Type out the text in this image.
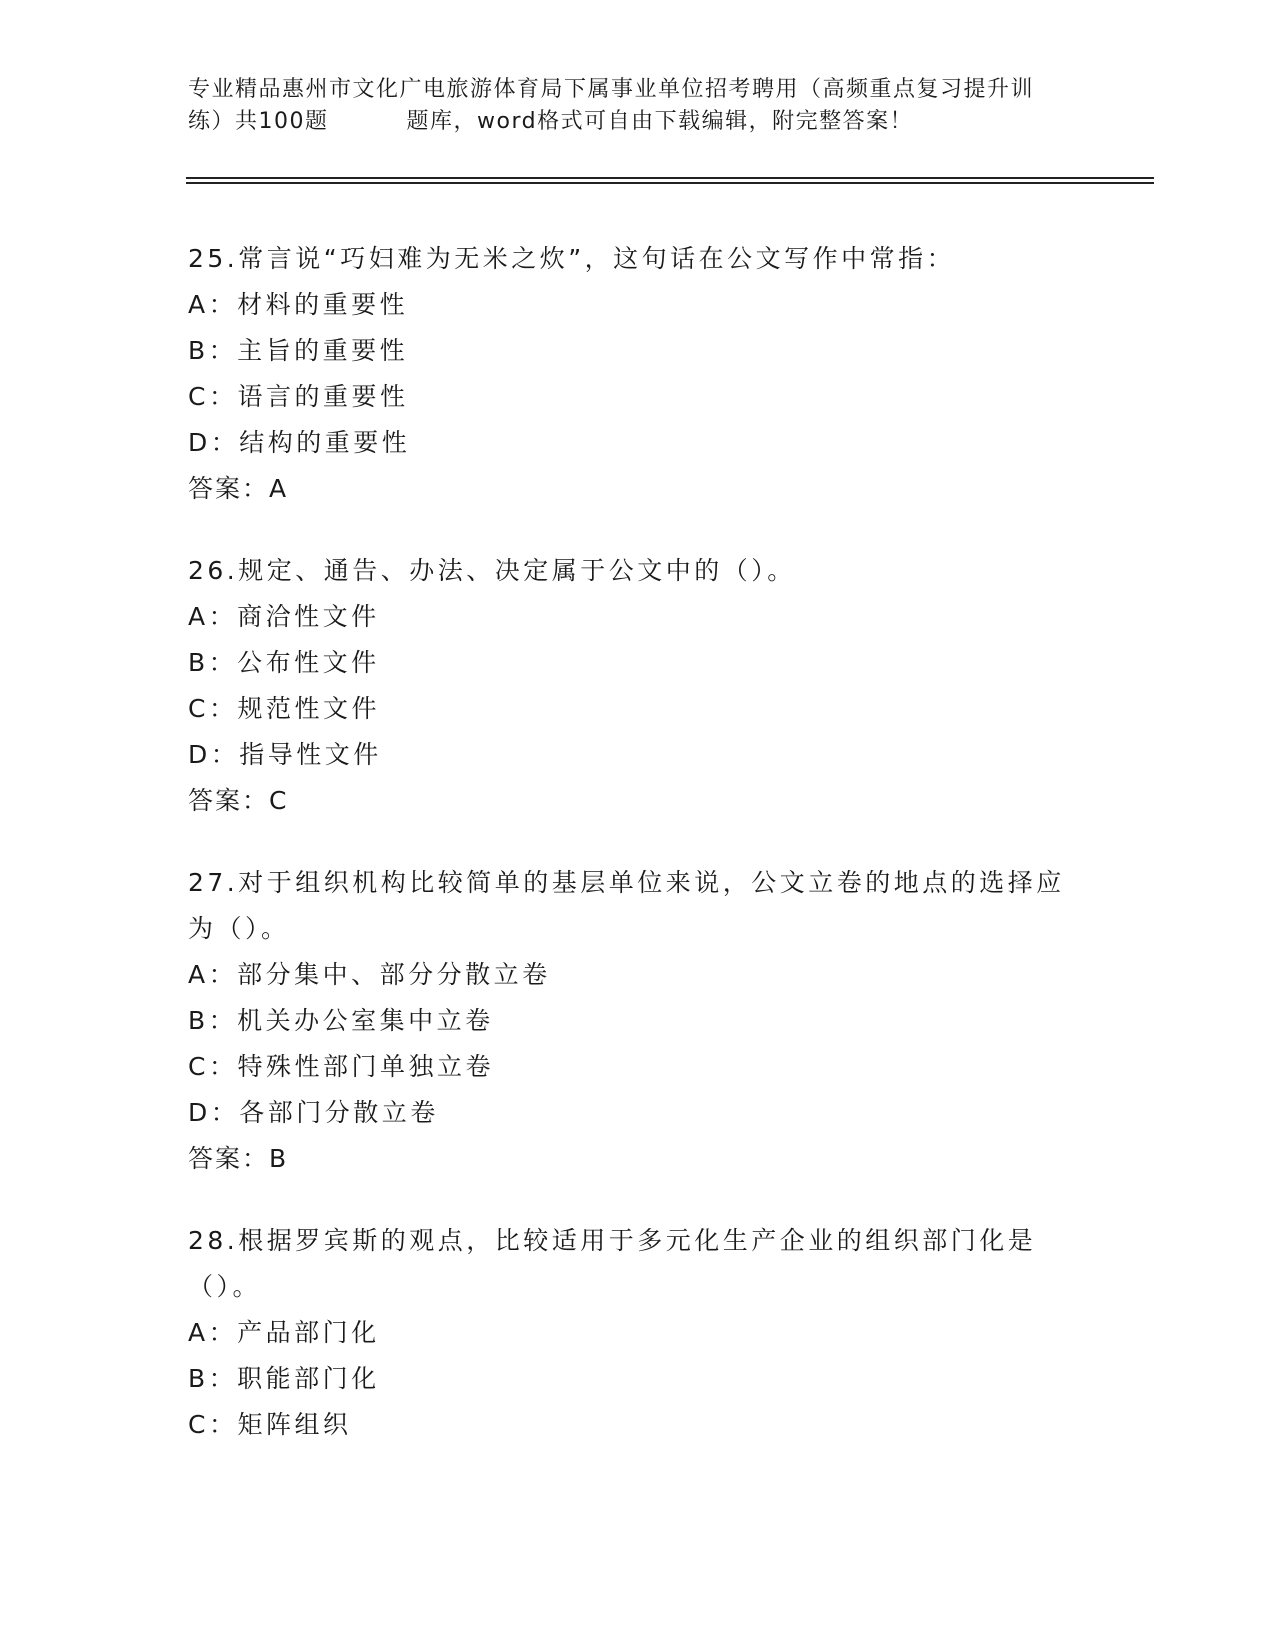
专业精品惠州市文化广电旅游体育局下属事业单位招考聘用（高频重点复习提升训
练）共100题	题库，word格式可自由下载编辑，附完整答案！

25.常言说“巧妇难为无米之炊”，这句话在公文写作中常指：

A：材料的重要性

B：主旨的重要性

C：语言的重要性

D：结构的重要性

答案：A

26.规定、通告、办法、决定属于公文中的（）。

A：商洽性文件

B：公布性文件

C：规范性文件

D：指导性文件

答案：C

27.对于组织机构比较简单的基层单位来说，公文立卷的地点的选择应为（）。

A：部分集中、部分分散立卷

B：机关办公室集中立卷

C：特殊性部门单独立卷

D：各部门分散立卷

答案：B

28.根据罗宾斯的观点，比较适用于多元化生产企业的组织部门化是（）。

A：产品部门化

B：职能部门化

C：矩阵组织
